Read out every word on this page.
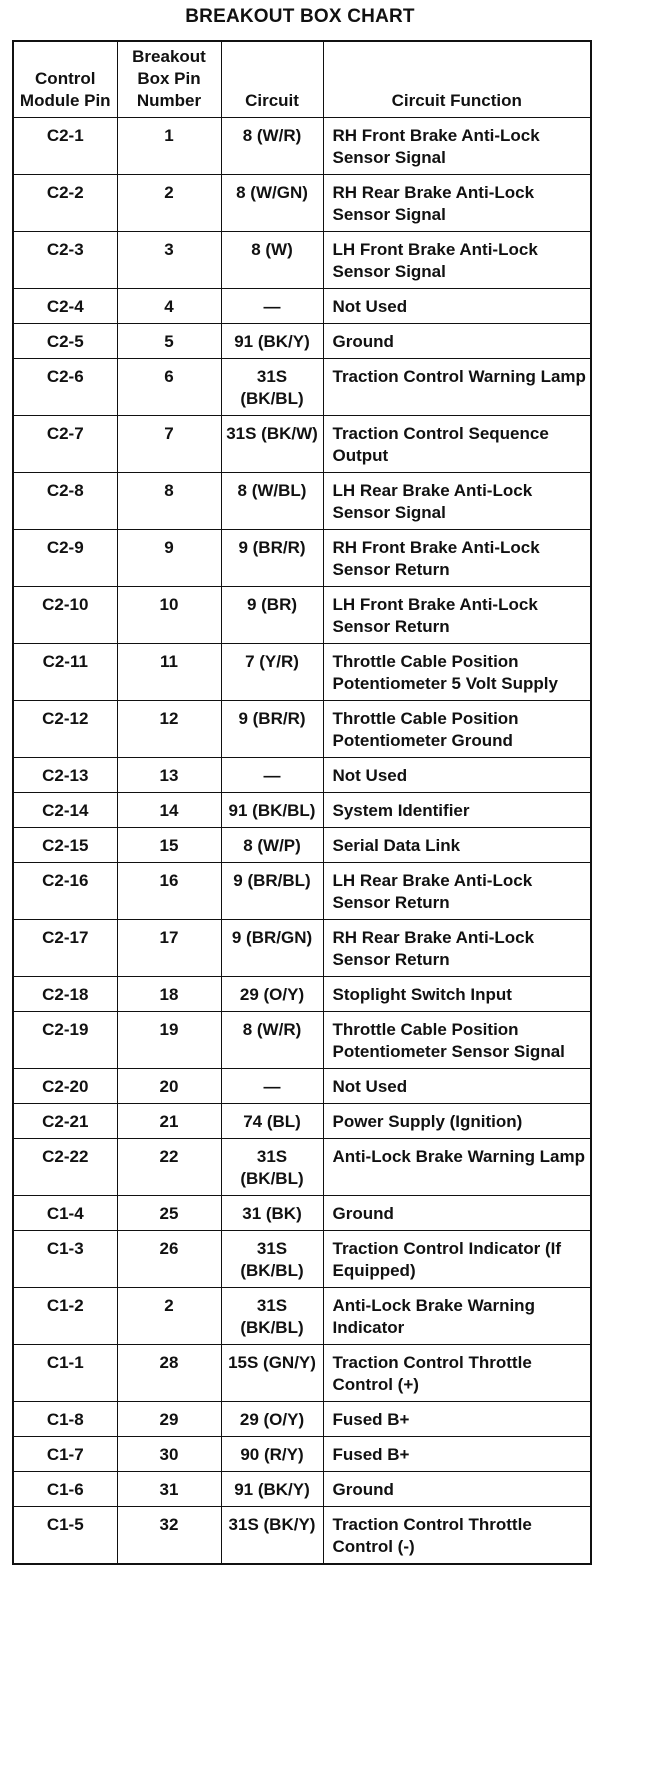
BREAKOUT BOX CHART
Control Module Pin	Breakout Box Pin Number	Circuit	Circuit Function
C2-1	1	8 (W/R)	RH Front Brake Anti-Lock Sensor Signal
C2-2	2	8 (W/GN)	RH Rear Brake Anti-Lock Sensor Signal
C2-3	3	8 (W)	LH Front Brake Anti-Lock Sensor Signal
C2-4	4	—	Not Used
C2-5	5	91 (BK/Y)	Ground
C2-6	6	31S (BK/BL)	Traction Control Warning Lamp
C2-7	7	31S (BK/W)	Traction Control Sequence Output
C2-8	8	8 (W/BL)	LH Rear Brake Anti-Lock Sensor Signal
C2-9	9	9 (BR/R)	RH Front Brake Anti-Lock Sensor Return
C2-10	10	9 (BR)	LH Front Brake Anti-Lock Sensor Return
C2-11	11	7 (Y/R)	Throttle Cable Position Potentiometer 5 Volt Supply
C2-12	12	9 (BR/R)	Throttle Cable Position Potentiometer Ground
C2-13	13	—	Not Used
C2-14	14	91 (BK/BL)	System Identifier
C2-15	15	8 (W/P)	Serial Data Link
C2-16	16	9 (BR/BL)	LH Rear Brake Anti-Lock Sensor Return
C2-17	17	9 (BR/GN)	RH Rear Brake Anti-Lock Sensor Return
C2-18	18	29 (O/Y)	Stoplight Switch Input
C2-19	19	8 (W/R)	Throttle Cable Position Potentiometer Sensor Signal
C2-20	20	—	Not Used
C2-21	21	74 (BL)	Power Supply (Ignition)
C2-22	22	31S (BK/BL)	Anti-Lock Brake Warning Lamp
C1-4	25	31 (BK)	Ground
C1-3	26	31S (BK/BL)	Traction Control Indicator (If Equipped)
C1-2	2	31S (BK/BL)	Anti-Lock Brake Warning Indicator
C1-1	28	15S (GN/Y)	Traction Control Throttle Control (+)
C1-8	29	29 (O/Y)	Fused B+
C1-7	30	90 (R/Y)	Fused B+
C1-6	31	91 (BK/Y)	Ground
C1-5	32	31S (BK/Y)	Traction Control Throttle Control (-)
